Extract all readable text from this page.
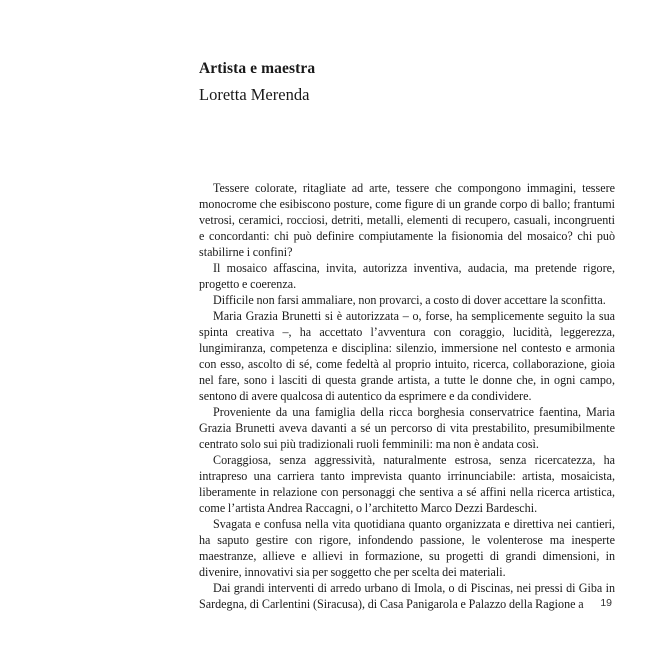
Artista e maestra
Loretta Merenda

Tessere colorate, ritagliate ad arte, tessere che compongono immagini, tessere monocrome che esibiscono posture, come figure di un grande corpo di ballo; frantumi vetrosi, ceramici, rocciosi, detriti, metalli, elementi di recupero, casuali, incongruenti e concordanti: chi può definire compiutamente la fisionomia del mosaico? chi può stabilirne i confini?

Il mosaico affascina, invita, autorizza inventiva, audacia, ma pretende rigore, progetto e coerenza.

Difficile non farsi ammaliare, non provarci, a costo di dover accettare la sconfitta.

Maria Grazia Brunetti si è autorizzata – o, forse, ha semplicemente seguito la sua spinta creativa –, ha accettato l’avventura con coraggio, lucidità, leggerezza, lungimiranza, competenza e disciplina: silenzio, immersione nel contesto e armonia con esso, ascolto di sé, come fedeltà al proprio intuito, ricerca, collaborazione, gioia nel fare, sono i lasciti di questa grande artista, a tutte le donne che, in ogni campo, sentono di avere qualcosa di autentico da esprimere e da condividere.

Proveniente da una famiglia della ricca borghesia conservatrice faentina, Maria Grazia Brunetti aveva davanti a sé un percorso di vita prestabilito, presumibilmente centrato solo sui più tradizionali ruoli femminili: ma non è andata così.

Coraggiosa, senza aggressività, naturalmente estrosa, senza ricercatezza, ha intrapreso una carriera tanto imprevista quanto irrinunciabile: artista, mosaicista, liberamente in relazione con personaggi che sentiva a sé affini nella ricerca artistica, come l’artista Andrea Raccagni, o l’architetto Marco Dezzi Bardeschi.

Svagata e confusa nella vita quotidiana quanto organizzata e direttiva nei cantieri, ha saputo gestire con rigore, infondendo passione, le volenterose ma inesperte maestranze, allieve e allievi in formazione, su progetti di grandi dimensioni, in divenire, innovativi sia per soggetto che per scelta dei materiali.

Dai grandi interventi di arredo urbano di Imola, o di Piscinas, nei pressi di Giba in Sardegna, di Carlentini (Siracusa), di Casa Panigarola e Palazzo della Ragione a	19
